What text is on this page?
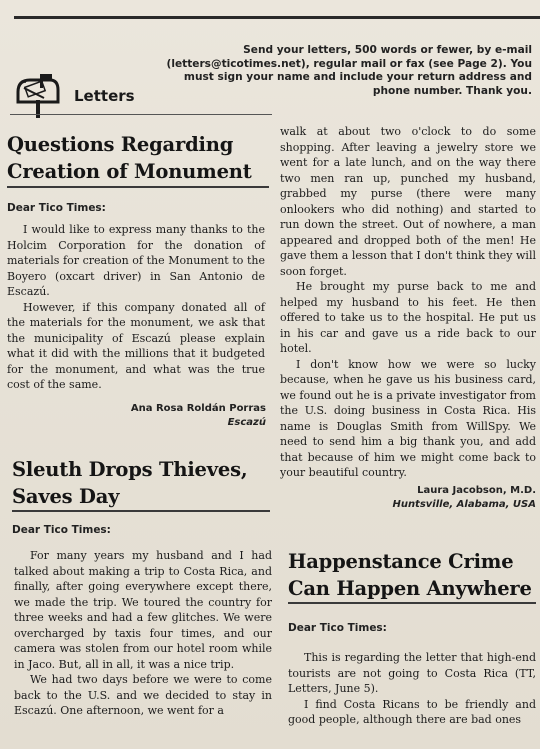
Send your letters, 500 words or fewer, by e-mail (letters@ticotimes.net), regular mail or fax (see Page 2). You must sign your name and include your return address and phone number. Thank you.
Letters
Questions Regarding Creation of Monument
Dear Tico Times:

I would like to express many thanks to the Holcim Corporation for the donation of materials for creation of the Monument to the Boyero (oxcart driver) in San Antonio de Escazú.

However, if this company donated all of the materials for the monument, we ask that the municipality of Escazú please explain what it did with the millions that it budgeted for the monument, and what was the true cost of the same.

Ana Rosa Roldán Porras
Escazú
Sleuth Drops Thieves, Saves Day
Dear Tico Times:

For many years my husband and I had talked about making a trip to Costa Rica, and finally, after going everywhere except there, we made the trip. We toured the country for three weeks and had a few glitches. We were overcharged by taxis four times, and our camera was stolen from our hotel room while in Jaco. But, all in all, it was a nice trip.

We had two days before we were to come back to the U.S. and we decided to stay in Escazú. One afternoon, we went for a

walk at about two o'clock to do some shopping. After leaving a jewelry store we went for a late lunch, and on the way there two men ran up, punched my husband, grabbed my purse (there were many onlookers who did nothing) and started to run down the street. Out of nowhere, a man appeared and dropped both of the men! He gave them a lesson that I don't think they will soon forget.

He brought my purse back to me and helped my husband to his feet. He then offered to take us to the hospital. He put us in his car and gave us a ride back to our hotel.

I don't know how we were so lucky because, when he gave us his business card, we found out he is a private investigator from the U.S. doing business in Costa Rica. His name is Douglas Smith from WillSpy. We need to send him a big thank you, and add that because of him we might come back to your beautiful country.

Laura Jacobson, M.D.
Huntsville, Alabama, USA
Happenstance Crime Can Happen Anywhere
Dear Tico Times:

This is regarding the letter that high-end tourists are not going to Costa Rica (TT, Letters, June 5).

I find Costa Ricans to be friendly and good people, although there are bad ones
